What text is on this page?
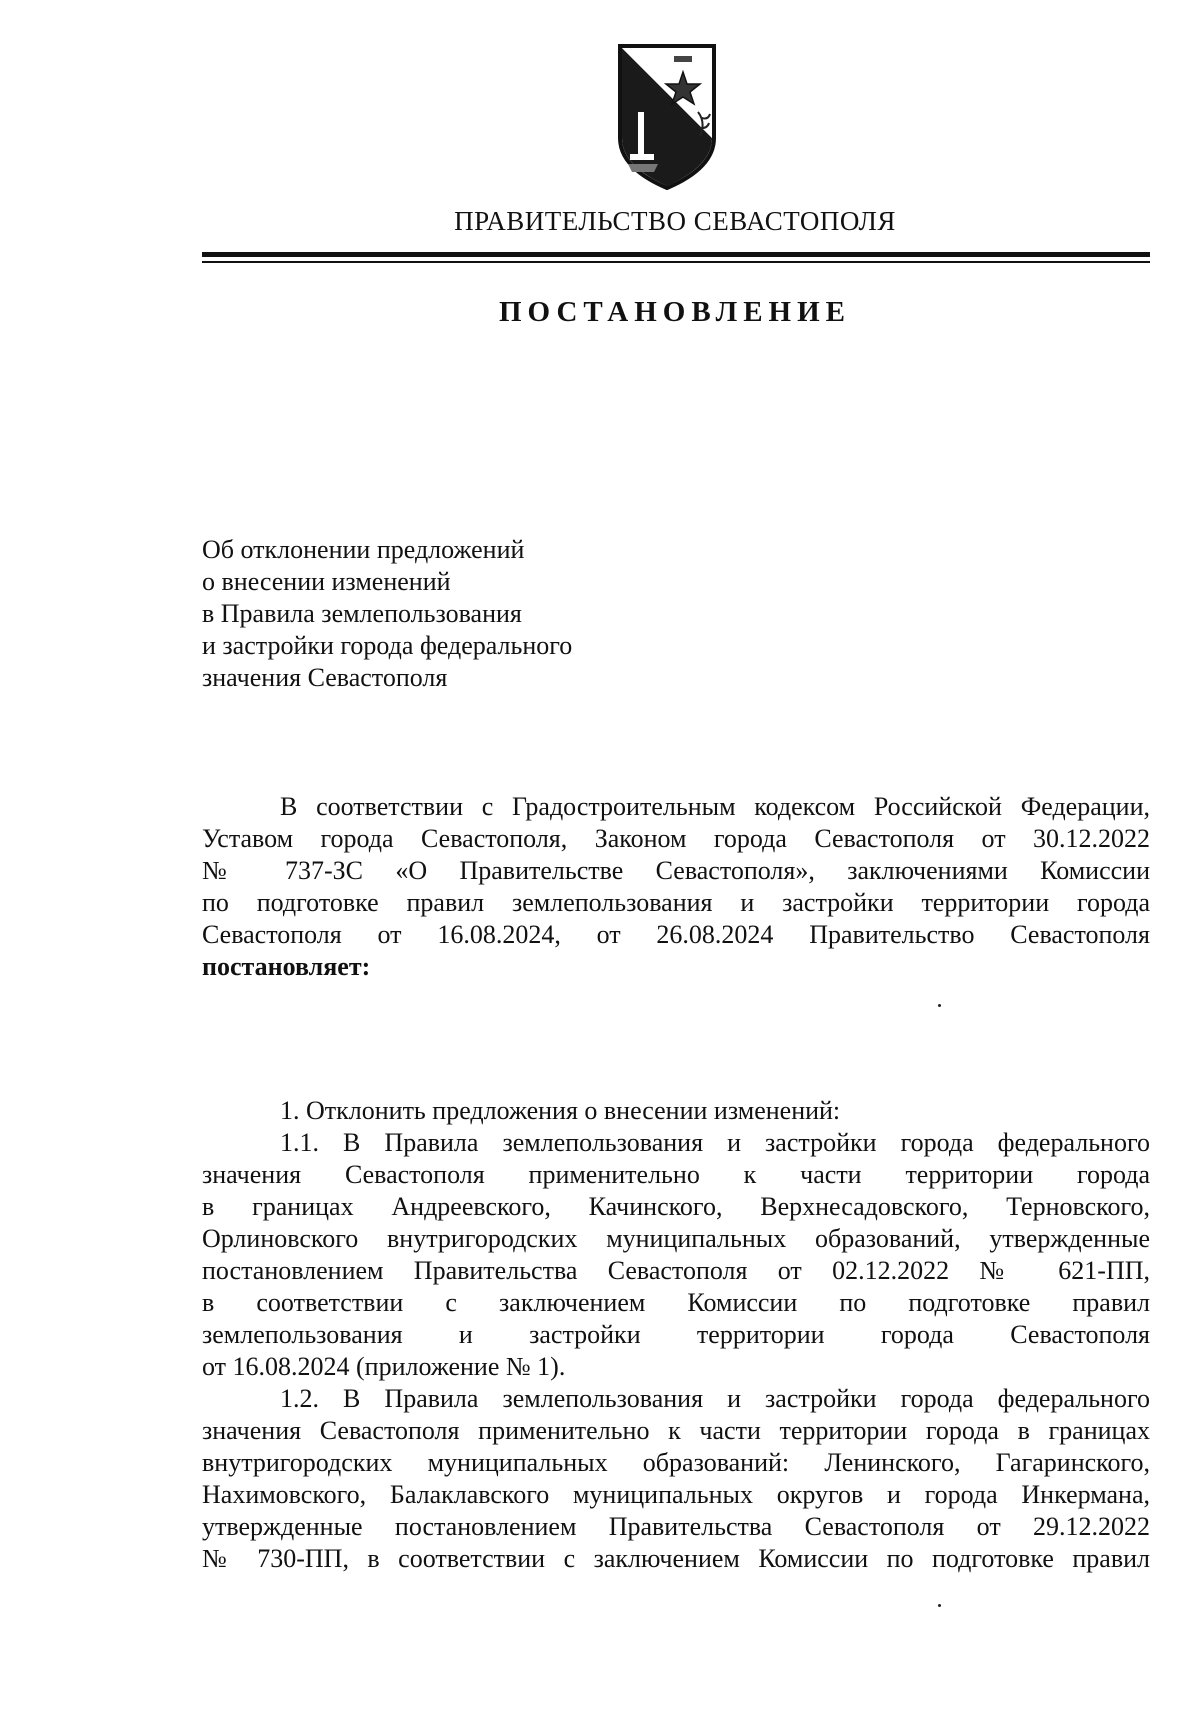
ПРАВИТЕЛЬСТВО СЕВАСТОПОЛЯ
ПОСТАНОВЛЕНИЕ
Об отклонении предложений
о внесении изменений
в Правила землепользования
и застройки города федерального
значения Севастополя
В соответствии с Градостроительным кодексом Российской Федерации,
Уставом города Севастополя, Законом города Севастополя от 30.12.2022
№ 737-ЗС «О Правительстве Севастополя», заключениями Комиссии
по подготовке правил землепользования и застройки территории города
Севастополя от 16.08.2024, от 26.08.2024 Правительство Севастополя
постановляет:
1. Отклонить предложения о внесении изменений:
1.1. В Правила землепользования и застройки города федерального
значения Севастополя применительно к части территории города
в границах Андреевского, Качинского, Верхнесадовского, Терновского,
Орлиновского внутригородских муниципальных образований, утвержденные
постановлением Правительства Севастополя от 02.12.2022 № 621-ПП,
в соответствии с заключением Комиссии по подготовке правил
землепользования и застройки территории города Севастополя
от 16.08.2024 (приложение № 1).
1.2. В Правила землепользования и застройки города федерального
значения Севастополя применительно к части территории города в границах
внутригородских муниципальных образований: Ленинского, Гагаринского,
Нахимовского, Балаклавского муниципальных округов и города Инкермана,
утвержденные постановлением Правительства Севастополя от 29.12.2022
№ 730-ПП, в соответствии с заключением Комиссии по подготовке правил
